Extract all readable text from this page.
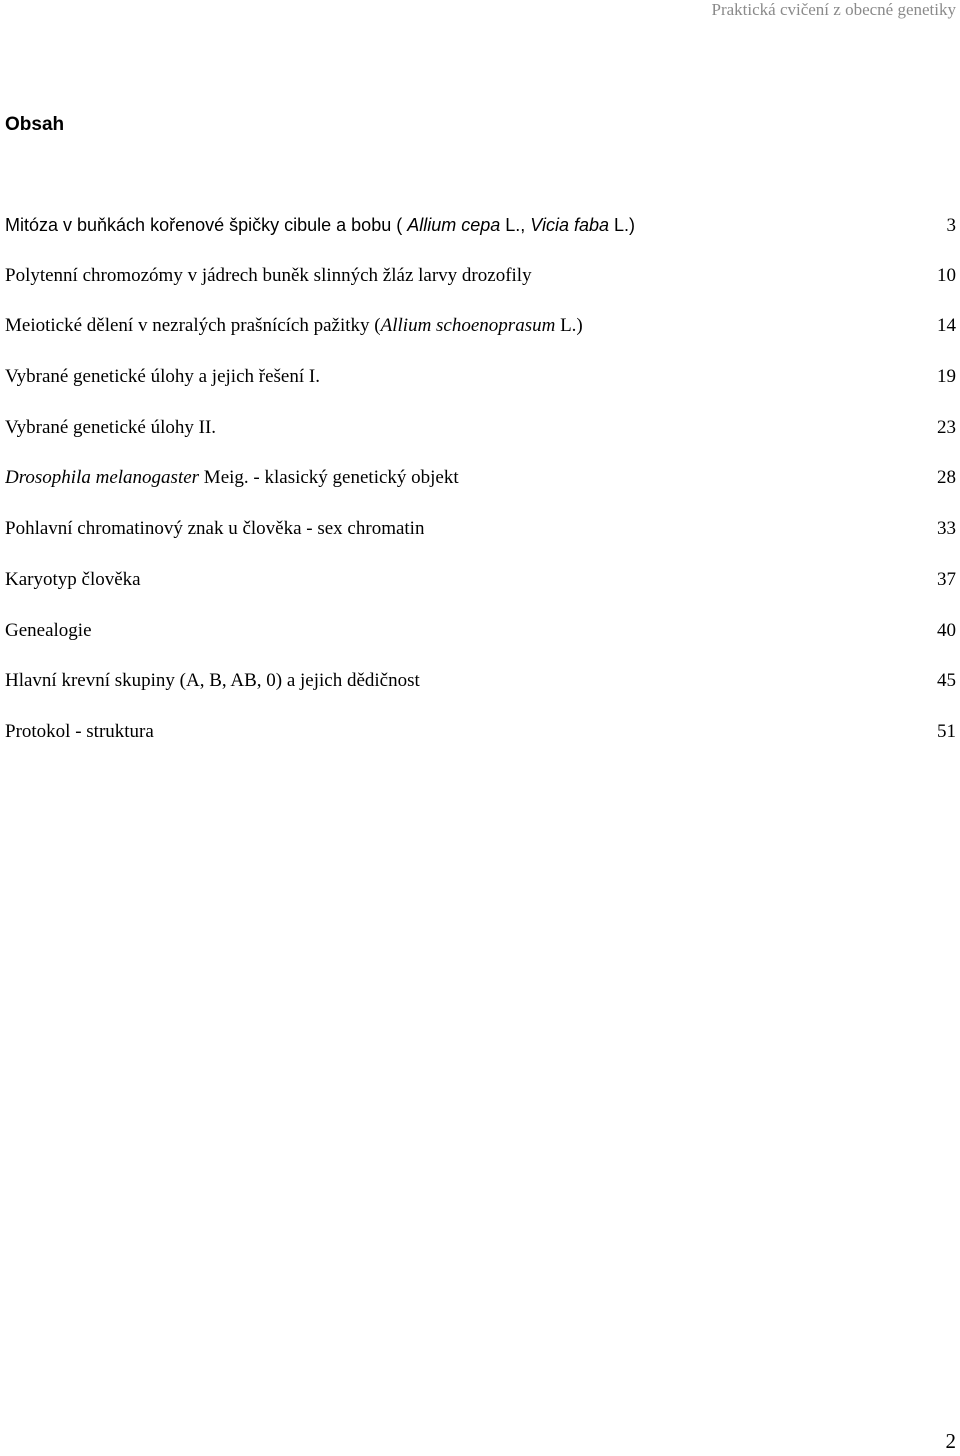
Praktická cvičení z obecné genetiky
Obsah
Mitóza v buňkách kořenové špičky cibule a bobu ( Allium cepa L., Vicia faba L.)	3
Polytenní chromozómy v jádrech buněk slinných žláz larvy drozofily	10
Meiotické dělení v nezralých prašnících pažitky (Allium schoenoprasum L.)	14
Vybrané genetické úlohy a jejich řešení I.	19
Vybrané genetické úlohy II.	23
Drosophila melanogaster Meig. - klasický genetický objekt	28
Pohlavní chromatinový znak u člověka - sex chromatin	33
Karyotyp člověka	37
Genealogie	40
Hlavní krevní skupiny (A, B, AB, 0) a jejich dědičnost	45
Protokol - struktura	51
2
